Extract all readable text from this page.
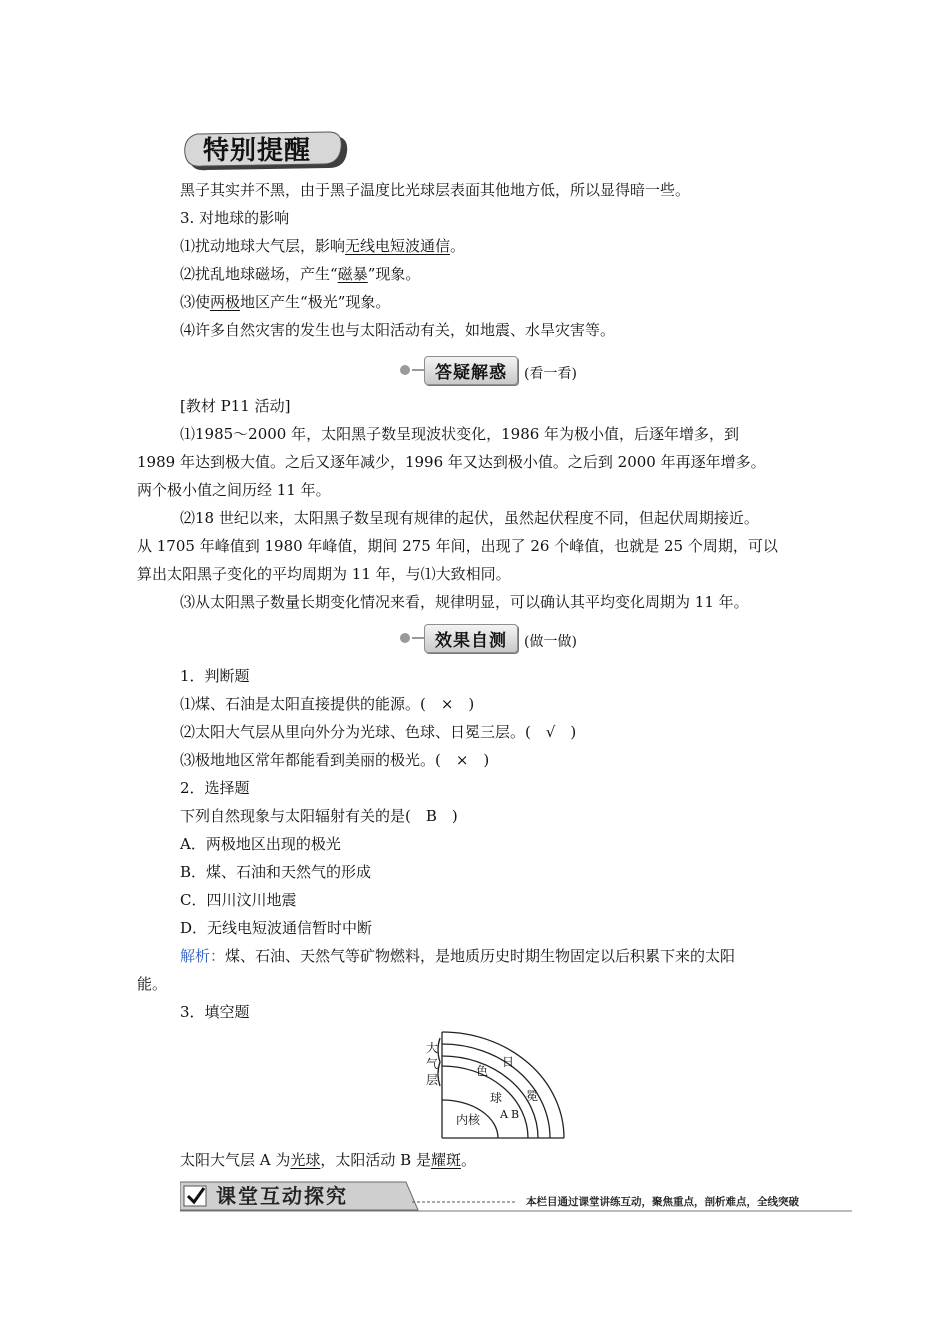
特别提醒
黑子其实并不黑，由于黑子温度比光球层表面其他地方低，所以显得暗一些。
3. 对地球的影响
⑴扰动地球大气层，影响无线电短波通信。
⑵扰乱地球磁场，产生“磁暴”现象。
⑶使两极地区产生“极光”现象。
⑷许多自然灾害的发生也与太阳活动有关，如地震、水旱灾害等。
答疑解惑	(看一看)
[教材 P11 活动]
⑴1985～2000 年，太阳黑子数呈现波状变化，1986 年为极小值，后逐年增多，到
1989 年达到极大值。之后又逐年减少，1996 年又达到极小值。之后到 2000 年再逐年增多。
两个极小值之间历经 11 年。
⑵18 世纪以来，太阳黑子数呈现有规律的起伏，虽然起伏程度不同，但起伏周期接近。
从 1705 年峰值到 1980 年峰值，期间 275 年间，出现了 26 个峰值，也就是 25 个周期，可以
算出太阳黑子变化的平均周期为 11 年，与⑴大致相同。
⑶从太阳黑子数量长期变化情况来看，规律明显，可以确认其平均变化周期为 11 年。
效果自测	(做一做)
1．判断题
⑴煤、石油是太阳直接提供的能源。(　×　)
⑵太阳大气层从里向外分为光球、色球、日冕三层。(　√　)
⑶极地地区常年都能看到美丽的极光。(　×　)
2．选择题
下列自然现象与太阳辐射有关的是(　B　)
A．两极地区出现的极光
B．煤、石油和天然气的形成
C．四川汶川地震
D．无线电短波通信暂时中断
解析：煤、石油、天然气等矿物燃料，是地质历史时期生物固定以后积累下来的太阳
能。
3．填空题
大
气
层
色
日
球 冕
A B
内核
太阳大气层 A 为光球，太阳活动 B 是耀斑。
课堂互动探究	本栏目通过课堂讲练互动，聚焦重点，剖析难点，全线突破
